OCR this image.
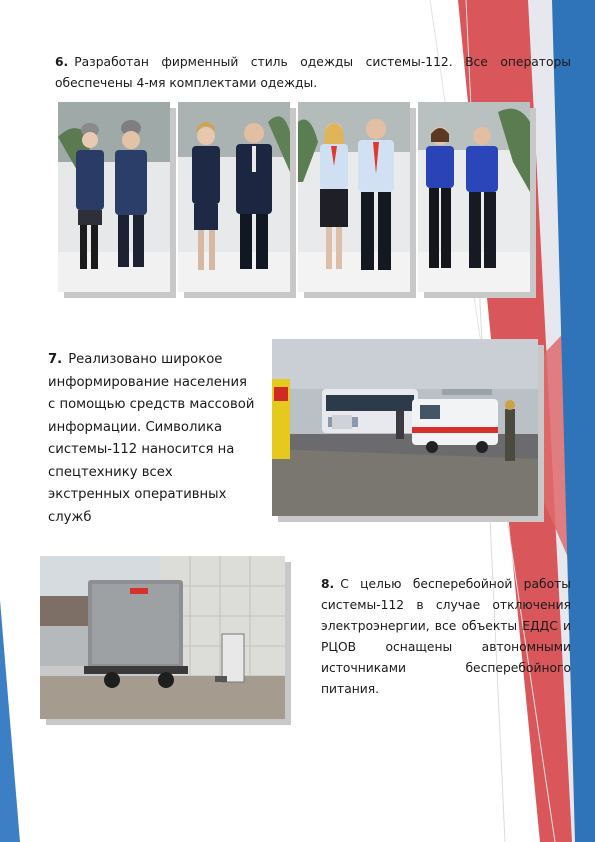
6. Разработан фирменный стиль одежды системы-112. Все операторы обеспечены 4-мя комплектами одежды.

7. Реализовано широкое информирование населения с помощью средств массовой информации. Символика системы-112 наносится на спецтехнику всех экстренных оперативных служб

8. С целью бесперебойной работы системы-112 в случае отключения электроэнергии, все объекты ЕДДС и РЦОВ оснащены автономными источниками бесперебойного питания.
